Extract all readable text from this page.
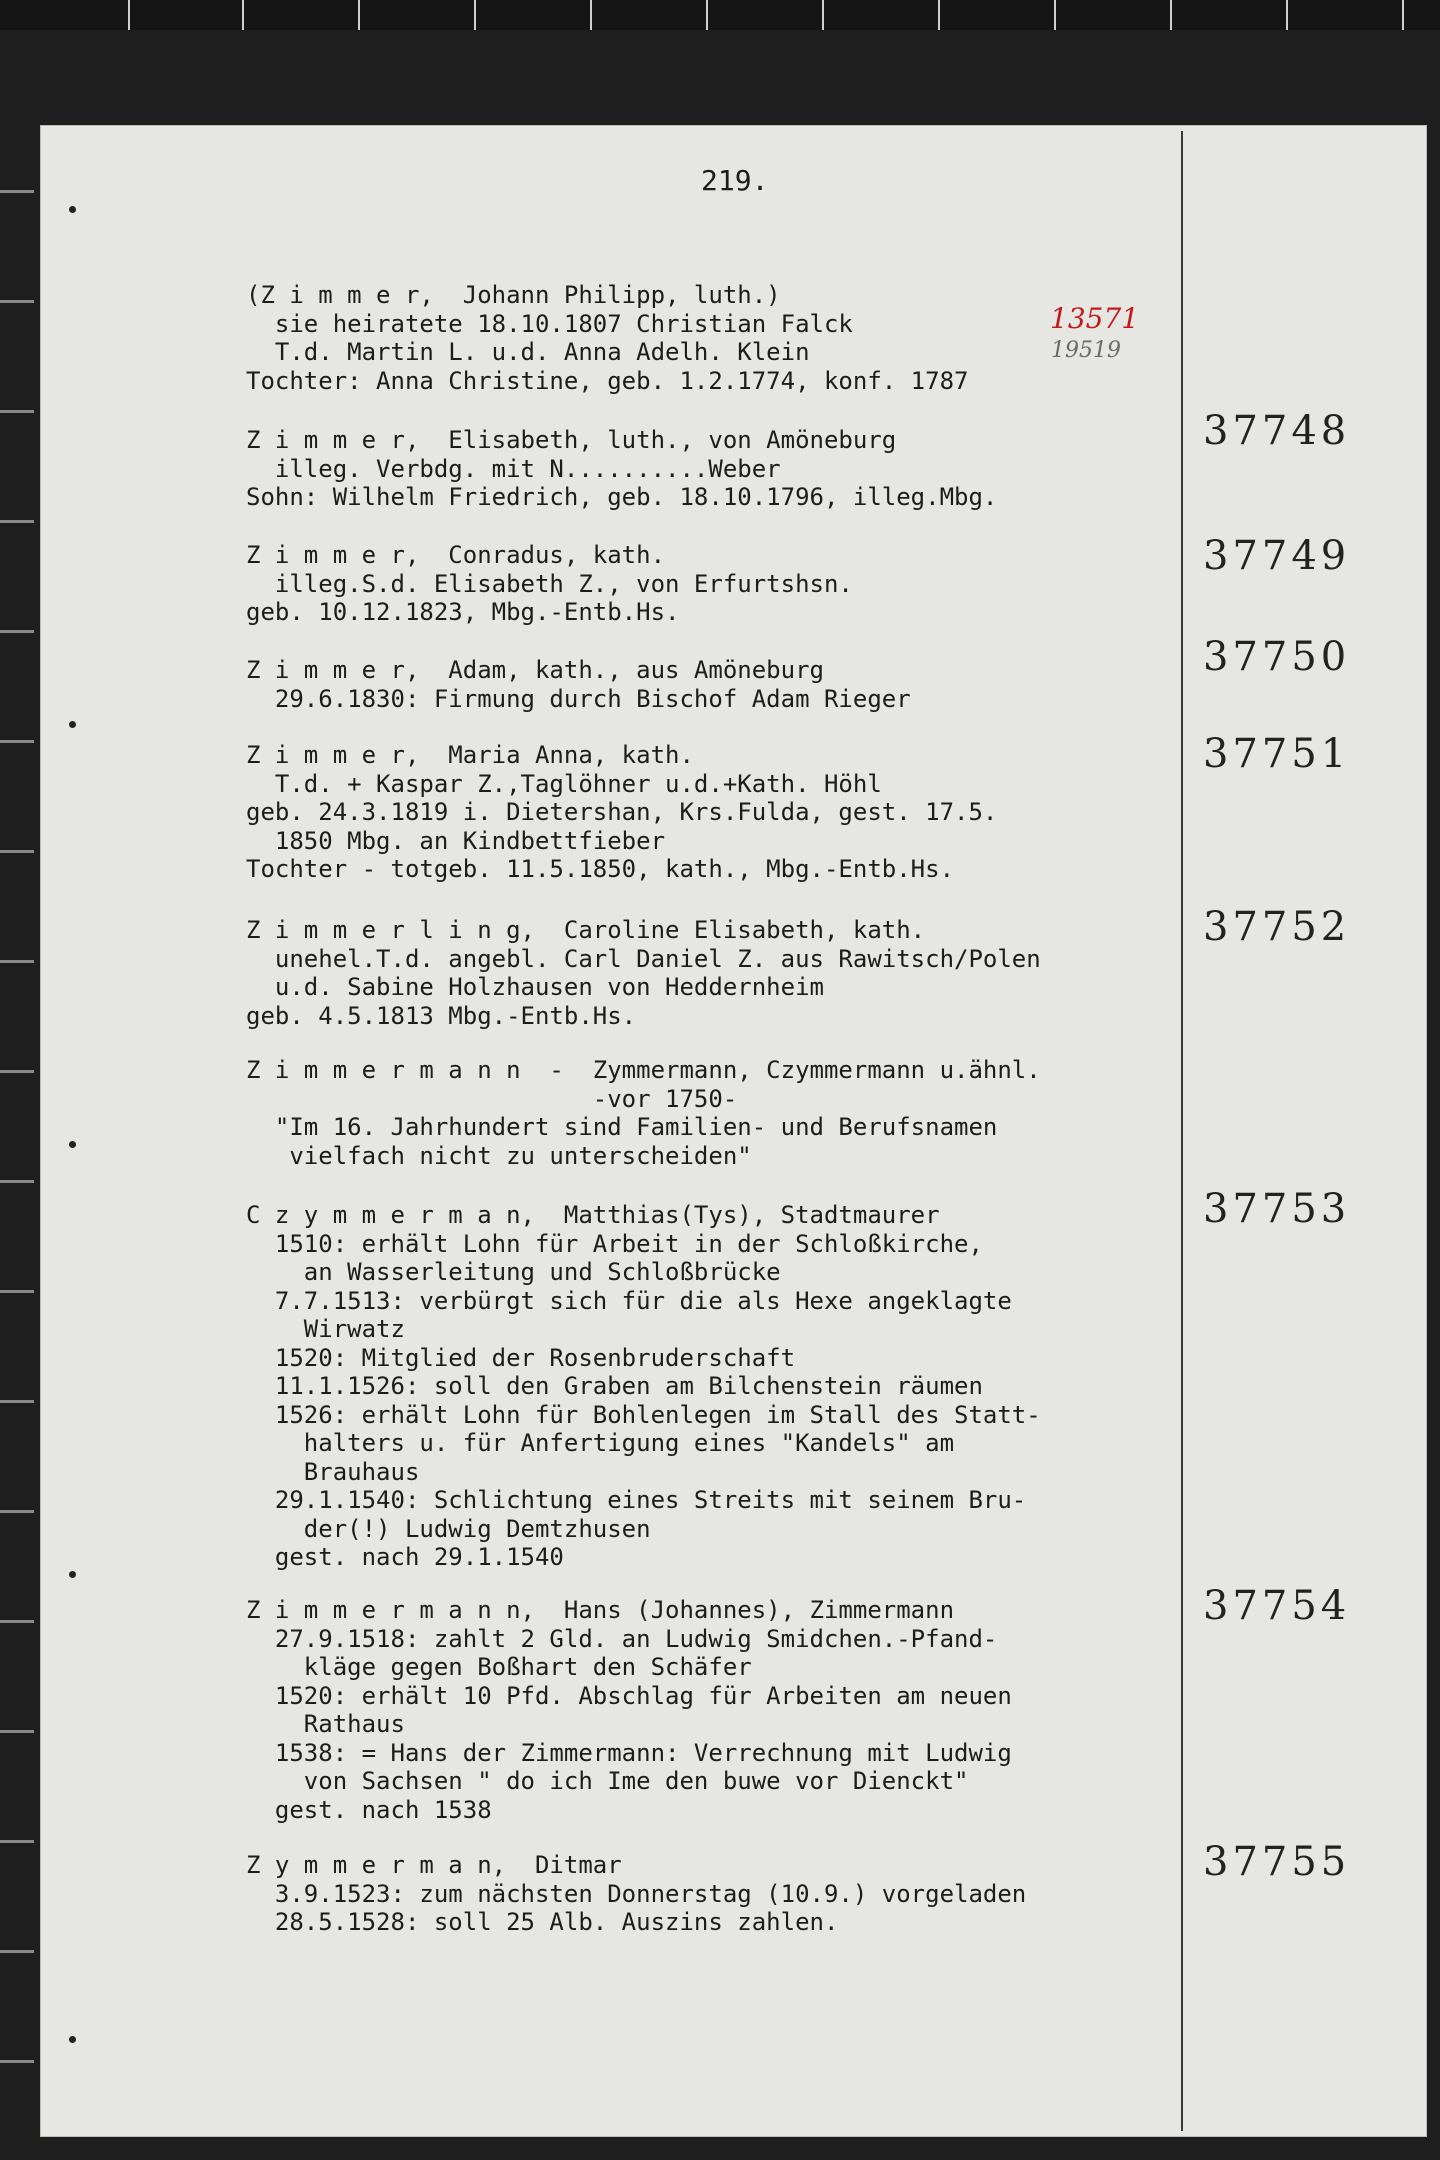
219.
13571
19519
(Z i m m e r,  Johann Philipp, luth.)
sie heiratete 18.10.1807 Christian Falck
T.d. Martin L. u.d. Anna Adelh. Klein
Tochter: Anna Christine, geb. 1.2.1774, konf. 1787
Z i m m e r,  Elisabeth, luth., von Amöneburg
illeg. Verbdg. mit N..........Weber
Sohn: Wilhelm Friedrich, geb. 18.10.1796, illeg.Mbg.
Z i m m e r,  Conradus, kath.
illeg.S.d. Elisabeth Z., von Erfurtshsn.
geb. 10.12.1823, Mbg.-Entb.Hs.
Z i m m e r,  Adam, kath., aus Amöneburg
29.6.1830: Firmung durch Bischof Adam Rieger
Z i m m e r,  Maria Anna, kath.
T.d. + Kaspar Z.,Taglöhner u.d.+Kath. Höhl
geb. 24.3.1819 i. Dietershan, Krs.Fulda, gest. 17.5.
1850 Mbg. an Kindbettfieber
Tochter - totgeb. 11.5.1850, kath., Mbg.-Entb.Hs.
Z i m m e r l i n g,  Caroline Elisabeth, kath.
unehel.T.d. angebl. Carl Daniel Z. aus Rawitsch/Polen
u.d. Sabine Holzhausen von Heddernheim
geb. 4.5.1813 Mbg.-Entb.Hs.
Z i m m e r m a n n  -  Zymmermann, Czymmermann u.ähnl.
-vor 1750-
"Im 16. Jahrhundert sind Familien- und Berufsnamen
vielfach nicht zu unterscheiden"
C z y m m e r m a n,  Matthias(Tys), Stadtmaurer
1510: erhält Lohn für Arbeit in der Schloßkirche,
an Wasserleitung und Schloßbrücke
7.7.1513: verbürgt sich für die als Hexe angeklagte
Wirwatz
1520: Mitglied der Rosenbruderschaft
11.1.1526: soll den Graben am Bilchenstein räumen
1526: erhält Lohn für Bohlenlegen im Stall des Statt-
halters u. für Anfertigung eines "Kandels" am
Brauhaus
29.1.1540: Schlichtung eines Streits mit seinem Bru-
der(!) Ludwig Demtzhusen
gest. nach 29.1.1540
Z i m m e r m a n n,  Hans (Johannes), Zimmermann
27.9.1518: zahlt 2 Gld. an Ludwig Smidchen.-Pfand-
kläge gegen Boßhart den Schäfer
1520: erhält 10 Pfd. Abschlag für Arbeiten am neuen
Rathaus
1538: = Hans der Zimmermann: Verrechnung mit Ludwig
von Sachsen " do ich Ime den buwe vor Dienckt"
gest. nach 1538
Z y m m e r m a n,  Ditmar
3.9.1523: zum nächsten Donnerstag (10.9.) vorgeladen
28.5.1528: soll 25 Alb. Auszins zahlen.
37748
37749
37750
37751
37752
37753
37754
37755
